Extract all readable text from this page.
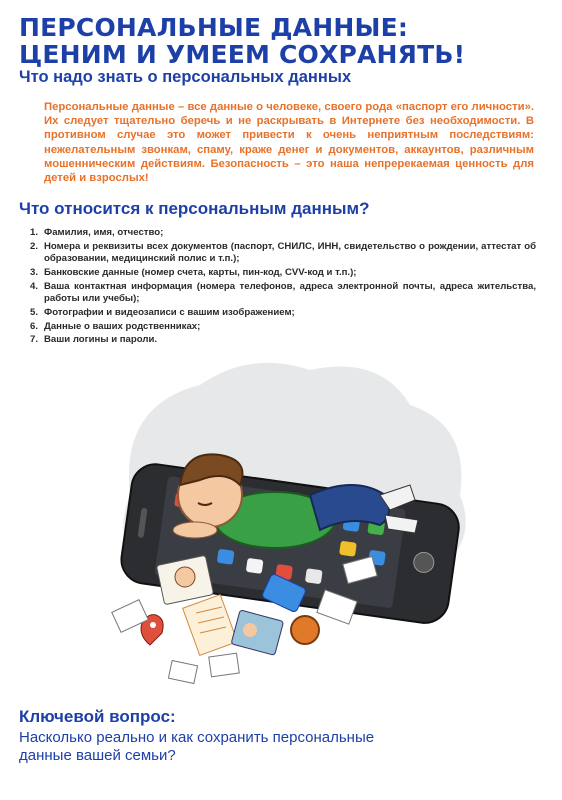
ПЕРСОНАЛЬНЫЕ ДАННЫЕ:
ЦЕНИМ И УМЕЕМ СОХРАНЯТЬ!
Что надо знать о персональных данных

Персональные данные – все данные о человеке, своего рода «паспорт его личности». Их следует тщательно беречь и не раскрывать в Интернете без необходимости. В противном случае это может привести к очень неприятным последствиям: нежелательным звонкам, спаму, краже денег и документов, аккаунтов, различным мошенническим действиям. Безопасность – это наша непререкаемая ценность для детей и взрослых!

Что относится к персональным данным?
1. Фамилия, имя, отчество;
2. Номера и реквизиты всех документов (паспорт, СНИЛС, ИНН, свидетельство о рождении, аттестат об образовании, медицинский полис и т.п.);
3. Банковские данные (номер счета, карты, пин-код, CVV-код и т.п.);
4. Ваша контактная информация (номера телефонов, адреса электронной почты, адреса жительства, работы или учебы);
5. Фотографии и видеозаписи с вашим изображением;
6. Данные о ваших родственниках;
7. Ваши логины и пароли.
Ключевой вопрос:

Насколько реально и как сохранить персональные данные вашей семьи?
